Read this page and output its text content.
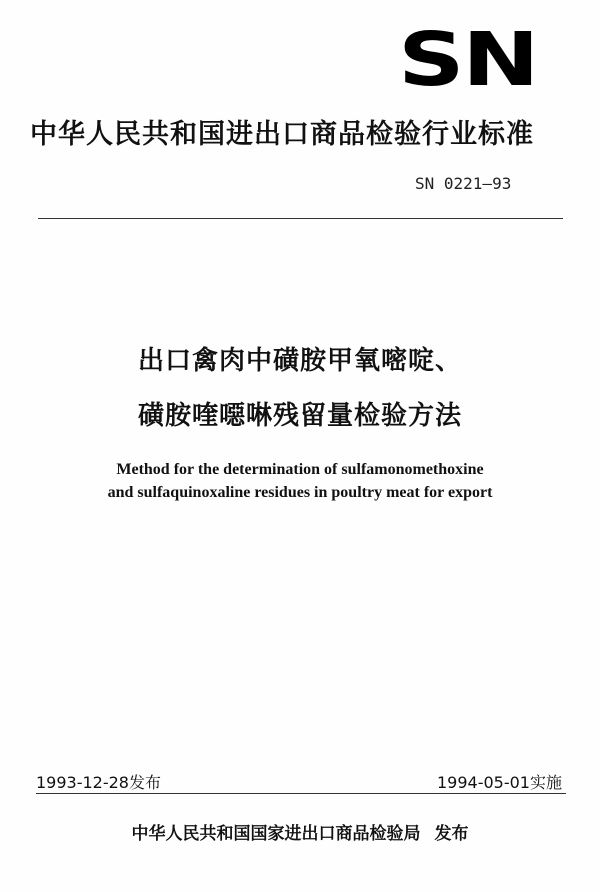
SN
中华人民共和国进出口商品检验行业标准
SN 0221—93
出口禽肉中磺胺甲氧嘧啶、
磺胺喹噁啉残留量检验方法
Method for the determination of sulfamonomethoxine
and sulfaquinoxaline residues in poultry meat for export
1993-12-28发布	1994-05-01实施
中华人民共和国国家进出口商品检验局 发布
